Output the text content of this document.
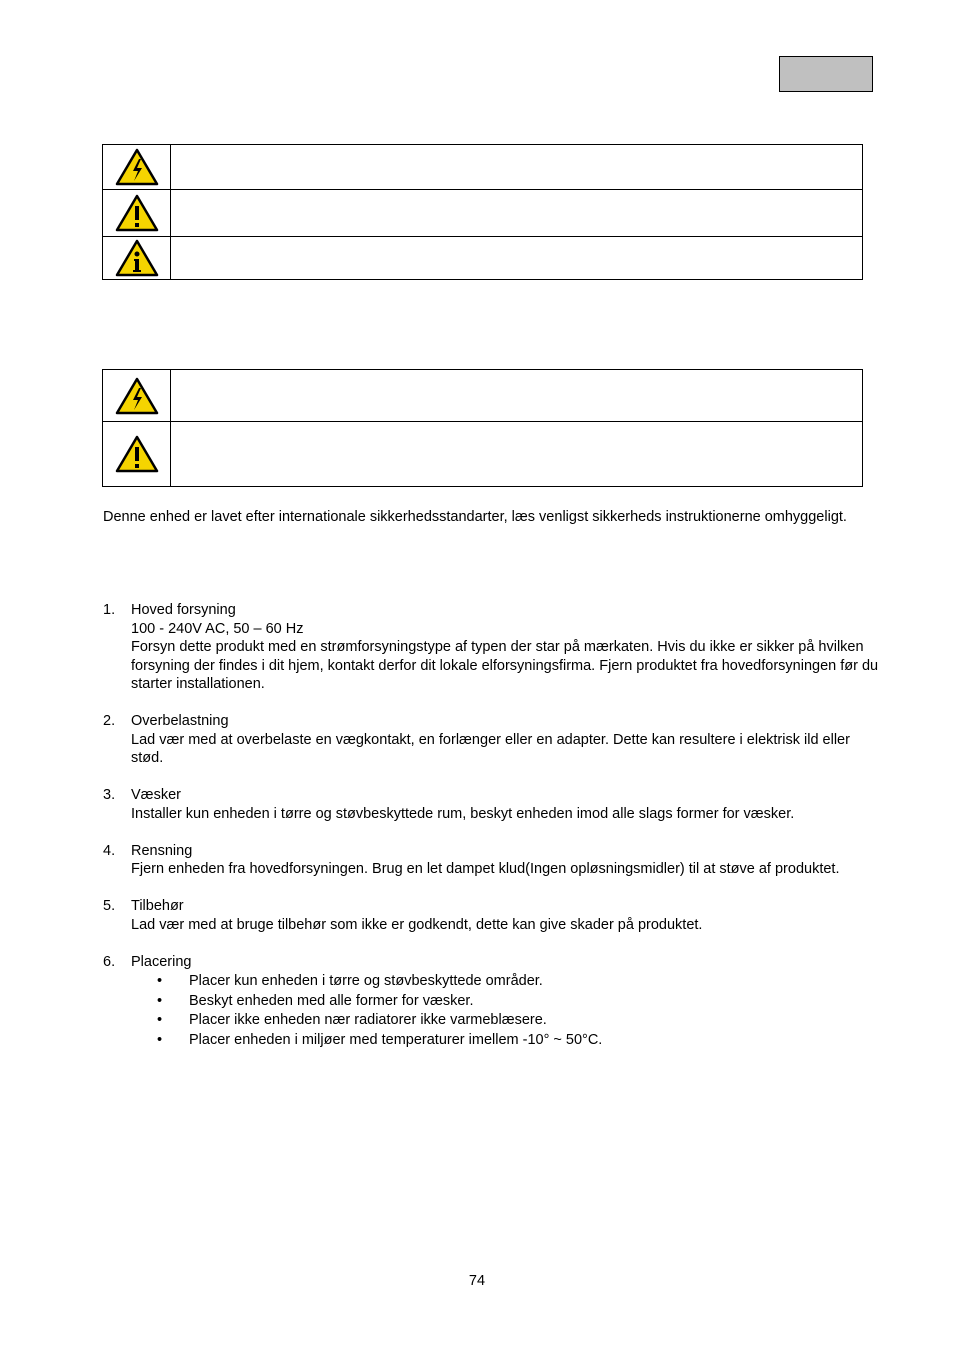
Denne enhed er lavet efter internationale sikkerhedsstandarter, læs venligst sikkerheds instruktionerne omhyggeligt.

1. Hoved forsyning
100 - 240V AC, 50 – 60 Hz
Forsyn dette produkt med en strømforsyningstype af typen der star på mærkaten. Hvis du ikke er sikker på hvilken forsyning der findes i dit hjem, kontakt derfor dit lokale elforsyningsfirma. Fjern produktet fra hovedforsyningen før du starter installationen.
2. Overbelastning
Lad vær med at overbelaste en vægkontakt, en forlænger eller en adapter. Dette kan resultere i elektrisk ild eller stød.
3. Væsker
Installer kun enheden i tørre og støvbeskyttede rum, beskyt enheden imod alle slags former for væsker.
4. Rensning
Fjern enheden fra hovedforsyningen. Brug en let dampet klud(Ingen opløsningsmidler) til at støve af produktet.
5. Tilbehør
Lad vær med at bruge tilbehør som ikke er godkendt, dette kan give skader på produktet.
6. Placering
• Placer kun enheden i tørre og støvbeskyttede områder.
• Beskyt enheden med alle former for væsker.
• Placer ikke enheden nær radiatorer ikke varmeblæsere.
• Placer enheden i miljøer med temperaturer imellem -10° ~ 50°C.
74
